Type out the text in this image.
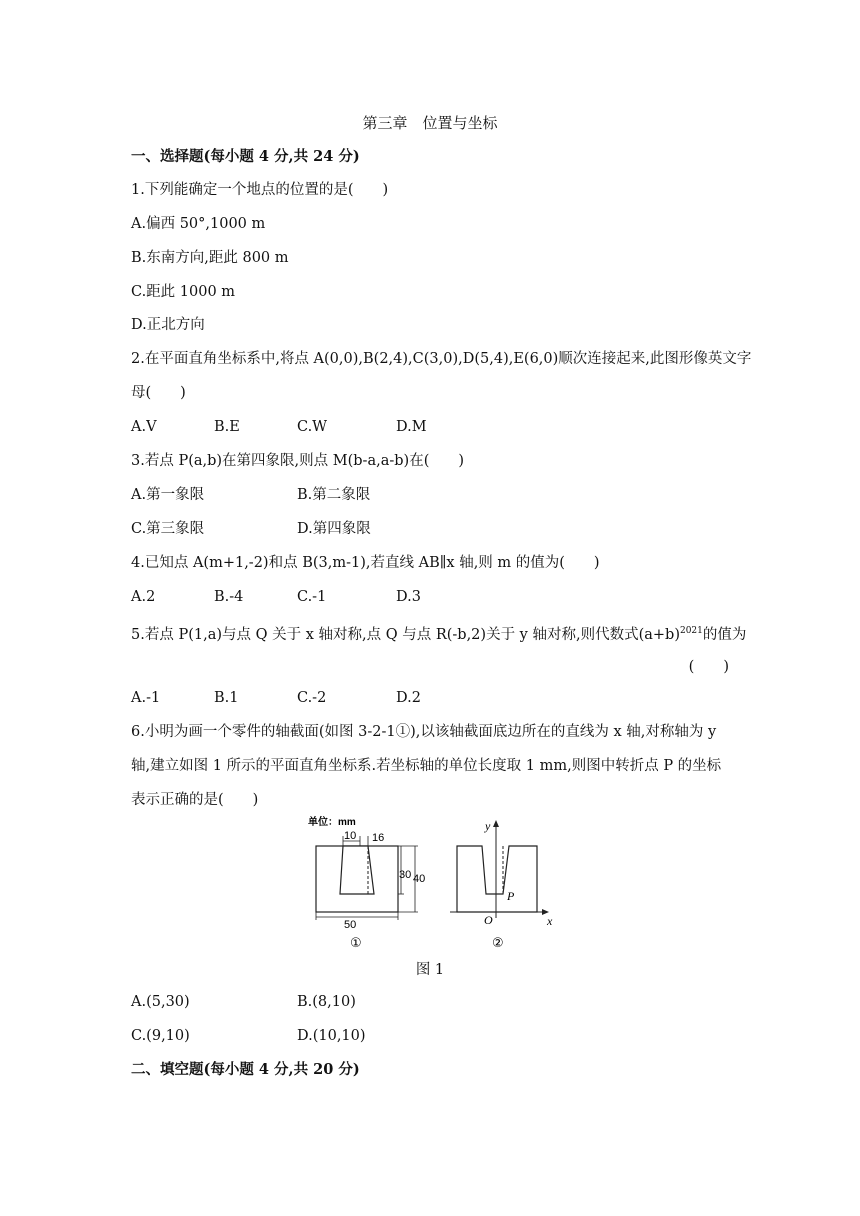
第三章　位置与坐标
一、选择题(每小题 4 分,共 24 分)
1.下列能确定一个地点的位置的是(　　)
A.偏西 50°,1000 m
B.东南方向,距此 800 m
C.距此 1000 m
D.正北方向
2.在平面直角坐标系中,将点 A(0,0),B(2,4),C(3,0),D(5,4),E(6,0)顺次连接起来,此图形像英文字
母(　　)
A.V	B.E	C.W	D.M
3.若点 P(a,b)在第四象限,则点 M(b-a,a-b)在(　　)
A.第一象限	B.第二象限
C.第三象限	D.第四象限
4.已知点 A(m+1,-2)和点 B(3,m-1),若直线 AB∥x 轴,则 m 的值为(　　)
A.2	B.-4	C.-1	D.3
5.若点 P(1,a)与点 Q 关于 x 轴对称,点 Q 与点 R(-b,2)关于 y 轴对称,则代数式$(a+b)^{2021}$的值为
(　　)
A.-1	B.1	C.-2	D.2
6.小明为画一个零件的轴截面(如图 3-2-1①),以该轴截面底边所在的直线为 x 轴,对称轴为 y
轴,建立如图 1 所示的平面直角坐标系.若坐标轴的单位长度取 1 mm,则图中转折点 P 的坐标
表示正确的是(　　)
单位：mm
10 16
30 40
50
①
y
x
O
P
②
图 1
A.(5,30)	B.(8,10)
C.(9,10)	D.(10,10)
二、填空题(每小题 4 分,共 20 分)
